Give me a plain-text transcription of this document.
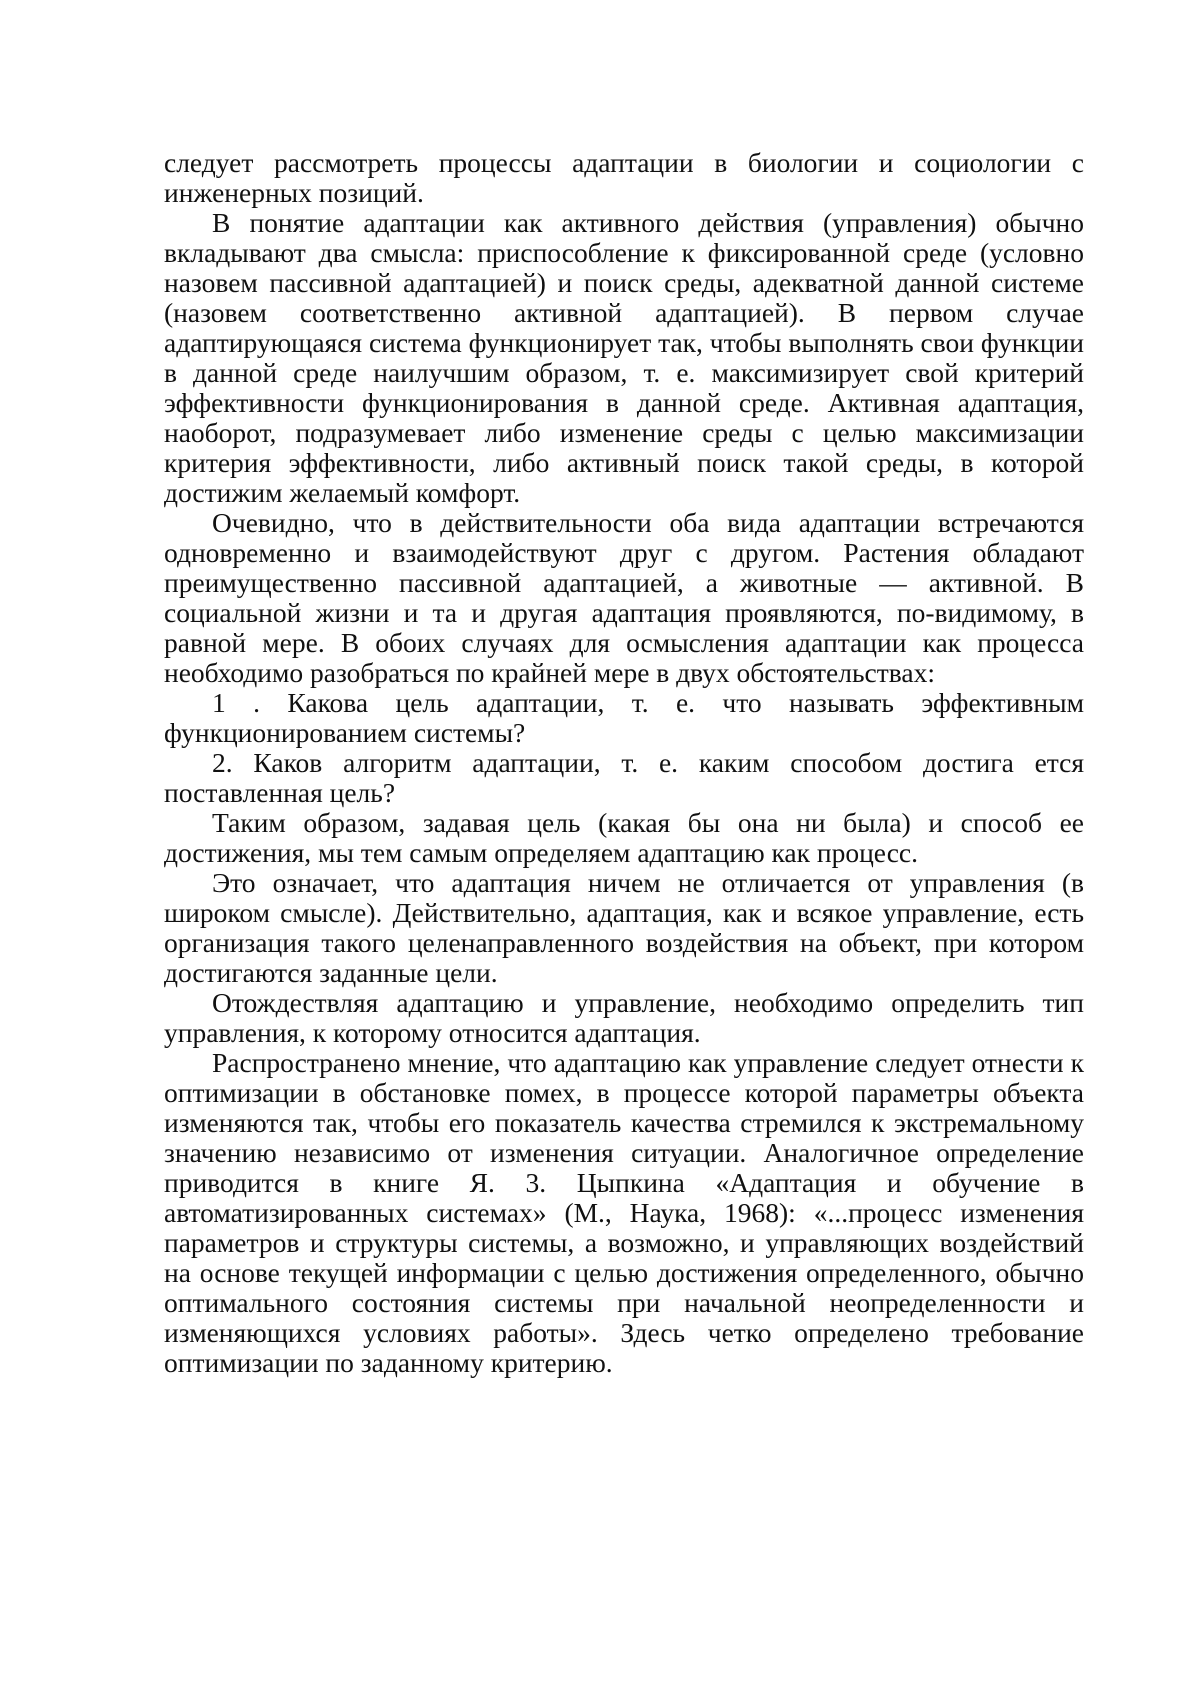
следует рассмотреть процессы адаптации в биологии и социологии с инженерных позиций.

В понятие адаптации как активного действия (управления) обычно вкладывают два смысла: приспособление к фиксированной среде (условно назовем пассивной адаптацией) и поиск среды, адекватной данной системе (назовем соответственно активной адаптацией). В первом случае адаптирующаяся система функционирует так, чтобы выполнять свои функции в данной среде наилучшим образом, т. е. максимизирует свой критерий эффективности функционирования в данной среде. Активная адаптация, наоборот, подразумевает либо изменение среды с целью максимизации критерия эффективности, либо активный поиск такой среды, в которой достижим желаемый комфорт.

Очевидно, что в действительности оба вида адаптации встречаются одновременно и взаимодействуют друг с другом. Растения обладают преимущественно пассивной адаптацией, а животные — активной. В социальной жизни и та и другая адаптация проявляются, по-видимому, в равной мере. В обоих случаях для осмысления адаптации как процесса необходимо разобраться по крайней мере в двух обстоятельствах:

1 . Какова цель адаптации, т. е. что называть эффективным функционированием системы?

2. Каков алгоритм адаптации, т. е. каким способом достига ется поставленная цель?

Таким образом, задавая цель (какая бы она ни была) и способ ее достижения, мы тем самым определяем адаптацию как процесс.

Это означает, что адаптация ничем не отличается от управления (в широком смысле). Действительно, адаптация, как и всякое управление, есть организация такого целенаправленного воздействия на объект, при котором достигаются заданные цели.

Отождествляя адаптацию и управление, необходимо определить тип управления, к которому относится адаптация.

Распространено мнение, что адаптацию как управление следует отнести к оптимизации в обстановке помех, в процессе которой параметры объекта изменяются так, чтобы его показатель качества стремился к экстремальному значению независимо от изменения ситуации. Аналогичное определение приводится в книге Я. 3. Цыпкина «Адаптация и обучение в автоматизированных системах» (М., Наука, 1968): «...процесс изменения параметров и структуры системы, а возможно, и управляющих воздействий на основе текущей информации с целью достижения определенного, обычно оптимального состояния системы при начальной неопределенности и изменяющихся условиях работы». Здесь четко определено требование оптимизации по заданному критерию.
